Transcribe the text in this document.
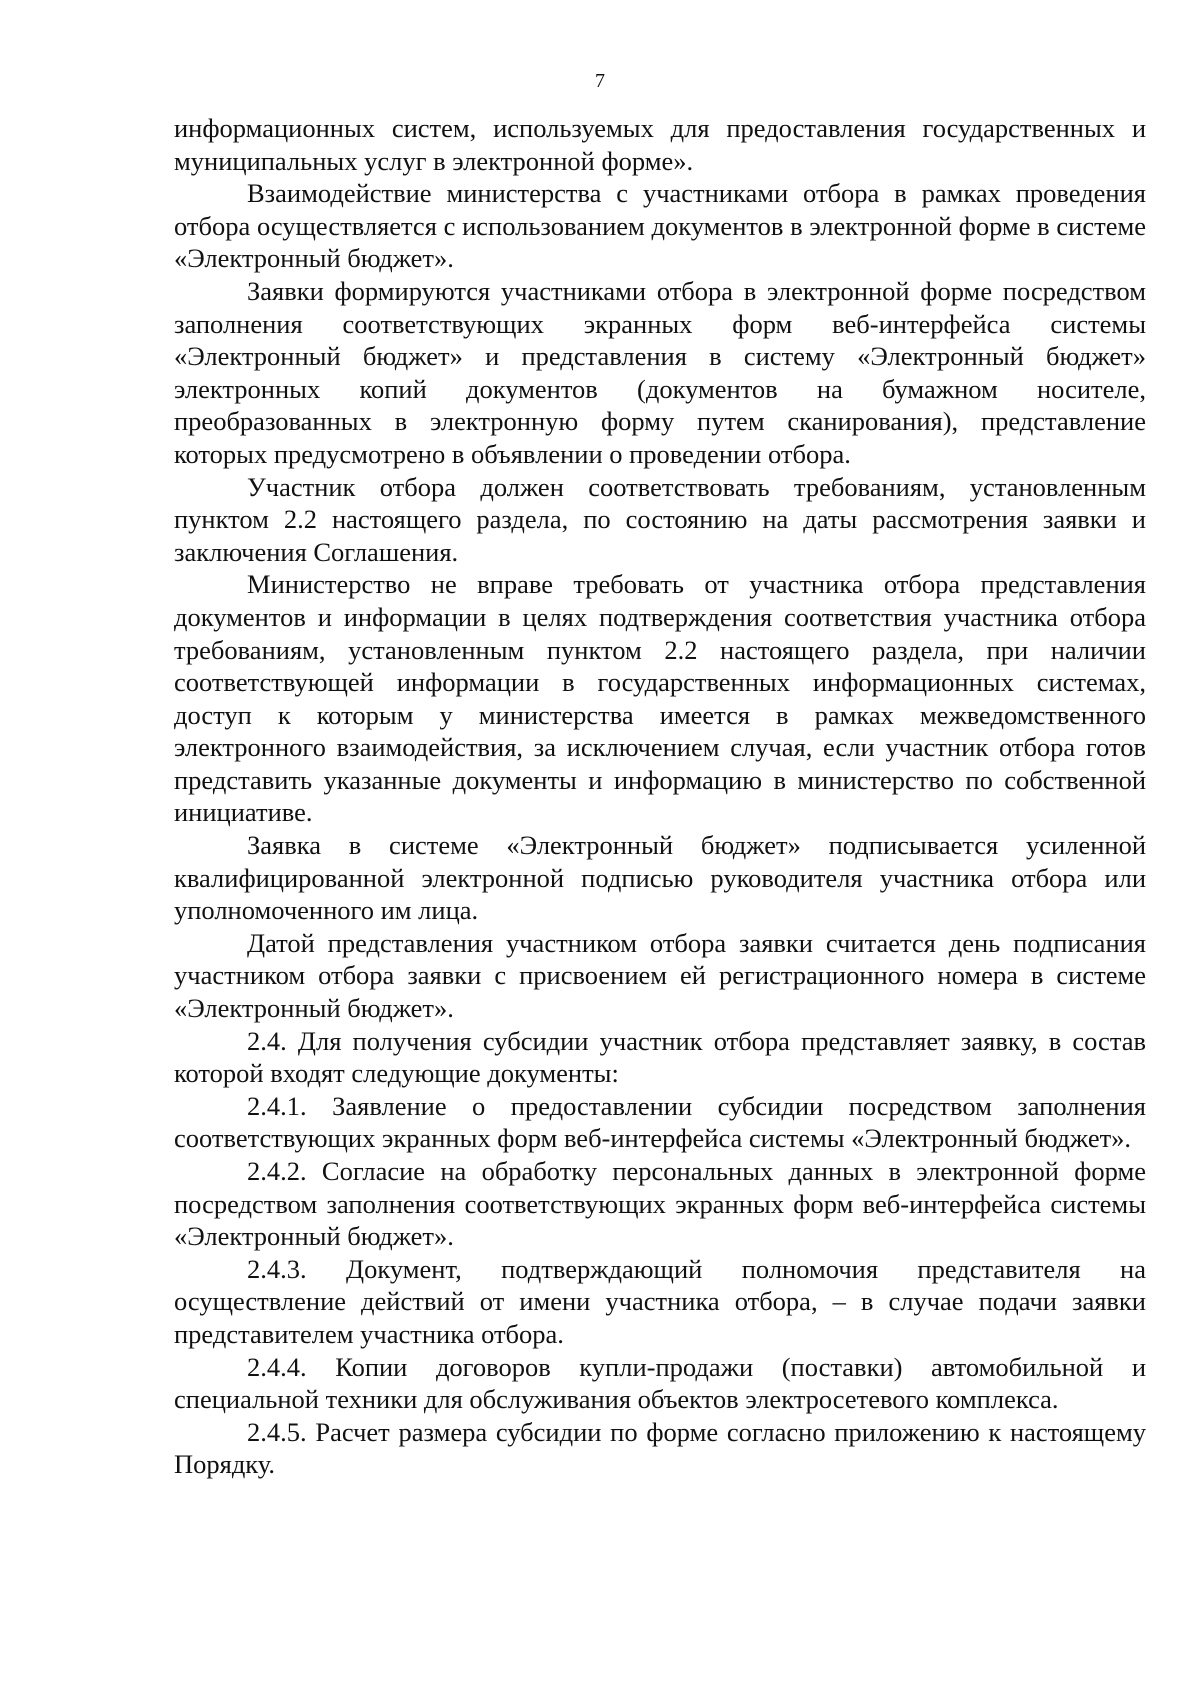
7

информационных систем, используемых для предоставления государственных и муниципальных услуг в электронной форме».

Взаимодействие министерства с участниками отбора в рамках проведения отбора осуществляется с использованием документов в электронной форме в системе «Электронный бюджет».

Заявки формируются участниками отбора в электронной форме посредством заполнения соответствующих экранных форм веб-интерфейса системы «Электронный бюджет» и представления в систему «Электронный бюджет» электронных копий документов (документов на бумажном носителе, преобразованных в электронную форму путем сканирования), представление которых предусмотрено в объявлении о проведении отбора.

Участник отбора должен соответствовать требованиям, установленным пунктом 2.2 настоящего раздела, по состоянию на даты рассмотрения заявки и заключения Соглашения.

Министерство не вправе требовать от участника отбора представления документов и информации в целях подтверждения соответствия участника отбора требованиям, установленным пунктом 2.2 настоящего раздела, при наличии соответствующей информации в государственных информационных системах, доступ к которым у министерства имеется в рамках межведомственного электронного взаимодействия, за исключением случая, если участник отбора готов представить указанные документы и информацию в министерство по собственной инициативе.

Заявка в системе «Электронный бюджет» подписывается усиленной квалифицированной электронной подписью руководителя участника отбора или уполномоченного им лица.

Датой представления участником отбора заявки считается день подписания участником отбора заявки с присвоением ей регистрационного номера в системе «Электронный бюджет».

2.4. Для получения субсидии участник отбора представляет заявку, в состав которой входят следующие документы:

2.4.1. Заявление о предоставлении субсидии посредством заполнения соответствующих экранных форм веб-интерфейса системы «Электронный бюджет».

2.4.2. Согласие на обработку персональных данных в электронной форме посредством заполнения соответствующих экранных форм веб-интерфейса системы «Электронный бюджет».

2.4.3. Документ, подтверждающий полномочия представителя на осуществление действий от имени участника отбора, – в случае подачи заявки представителем участника отбора.

2.4.4. Копии договоров купли-продажи (поставки) автомобильной и специальной техники для обслуживания объектов электросетевого комплекса.

2.4.5. Расчет размера субсидии по форме согласно приложению к настоящему Порядку.
